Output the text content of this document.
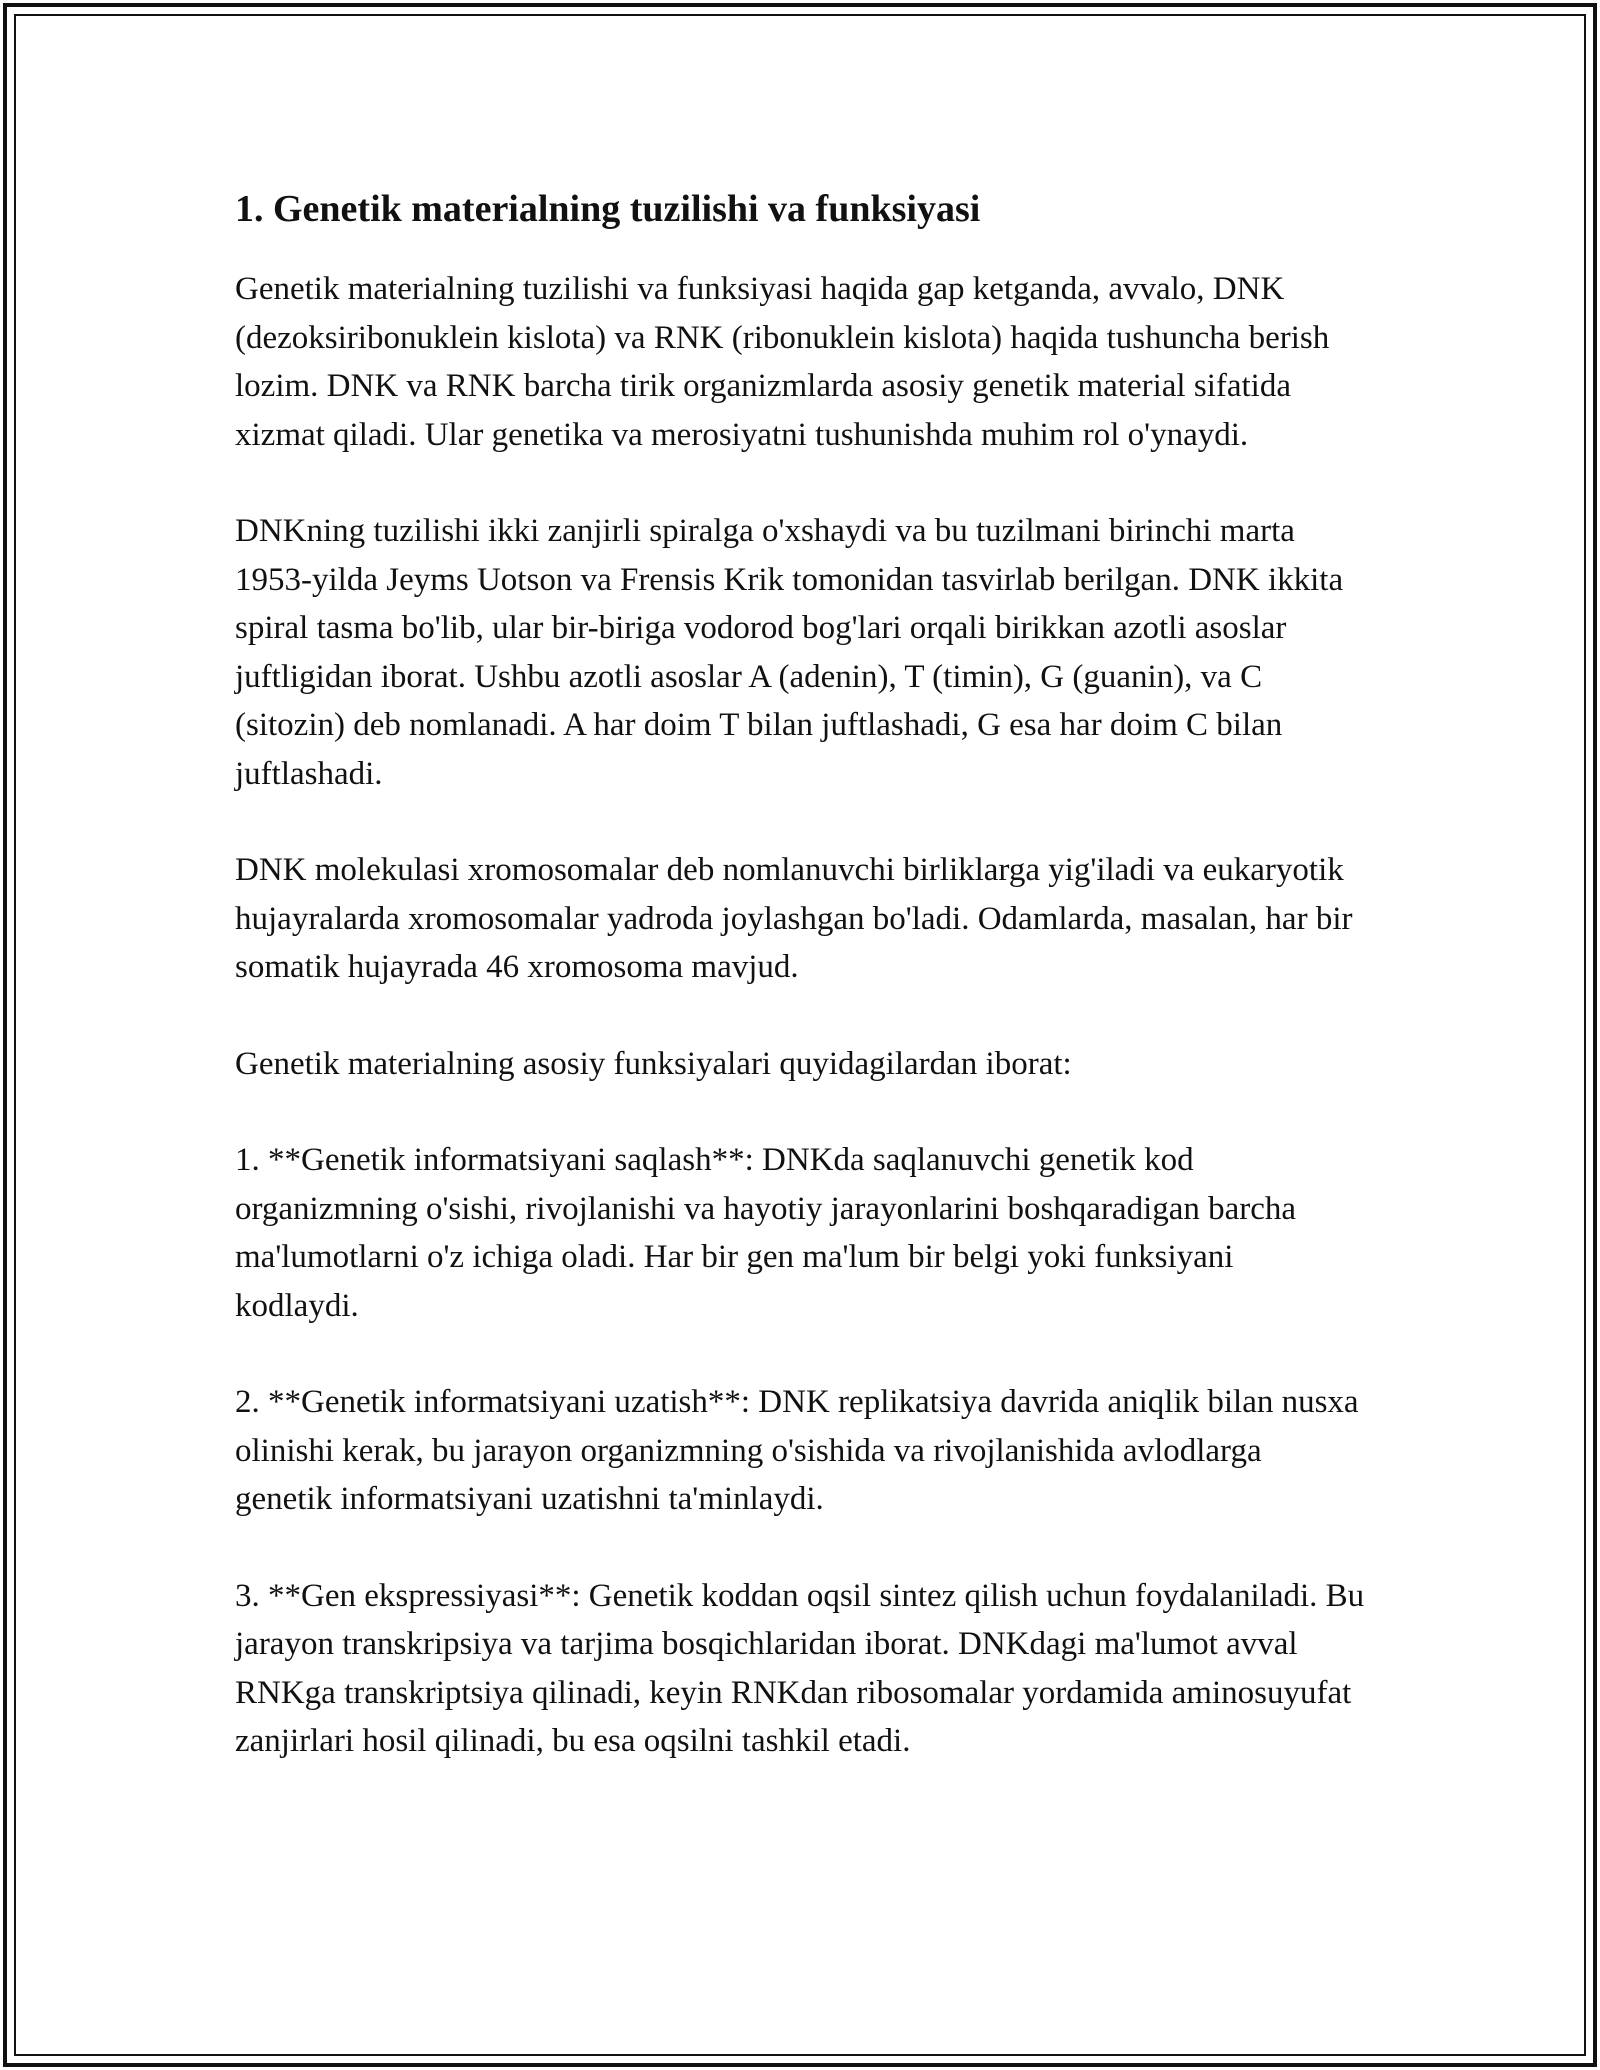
1. Genetik materialning tuzilishi va funksiyasi

Genetik materialning tuzilishi va funksiyasi haqida gap ketganda, avvalo, DNK (dezoksiribonuklein kislota) va RNK (ribonuklein kislota) haqida tushuncha berish lozim. DNK va RNK barcha tirik organizmlarda asosiy genetik material sifatida xizmat qiladi. Ular genetika va merosiyatni tushunishda muhim rol o'ynaydi.

DNKning tuzilishi ikki zanjirli spiralga o'xshaydi va bu tuzilmani birinchi marta 1953-yilda Jeyms Uotson va Frensis Krik tomonidan tasvirlab berilgan. DNK ikkita spiral tasma bo'lib, ular bir-biriga vodorod bog'lari orqali birikkan azotli asoslar juftligidan iborat. Ushbu azotli asoslar A (adenin), T (timin), G (guanin), va C (sitozin) deb nomlanadi. A har doim T bilan juftlashadi, G esa har doim C bilan juftlashadi.

DNK molekulasi xromosomalar deb nomlanuvchi birliklarga yig'iladi va eukaryotik hujayralarda xromosomalar yadroda joylashgan bo'ladi. Odamlarda, masalan, har bir somatik hujayrada 46 xromosoma mavjud.

Genetik materialning asosiy funksiyalari quyidagilardan iborat:

1. **Genetik informatsiyani saqlash**: DNKda saqlanuvchi genetik kod organizmning o'sishi, rivojlanishi va hayotiy jarayonlarini boshqaradigan barcha ma'lumotlarni o'z ichiga oladi. Har bir gen ma'lum bir belgi yoki funksiyani kodlaydi.

2. **Genetik informatsiyani uzatish**: DNK replikatsiya davrida aniqlik bilan nusxa olinishi kerak, bu jarayon organizmning o'sishida va rivojlanishida avlodlarga genetik informatsiyani uzatishni ta'minlaydi.

3. **Gen ekspressiyasi**: Genetik koddan oqsil sintez qilish uchun foydalaniladi. Bu jarayon transkripsiya va tarjima bosqichlaridan iborat. DNKdagi ma'lumot avval RNKga transkriptsiya qilinadi, keyin RNKdan ribosomalar yordamida aminosuyufat zanjirlari hosil qilinadi, bu esa oqsilni tashkil etadi.
